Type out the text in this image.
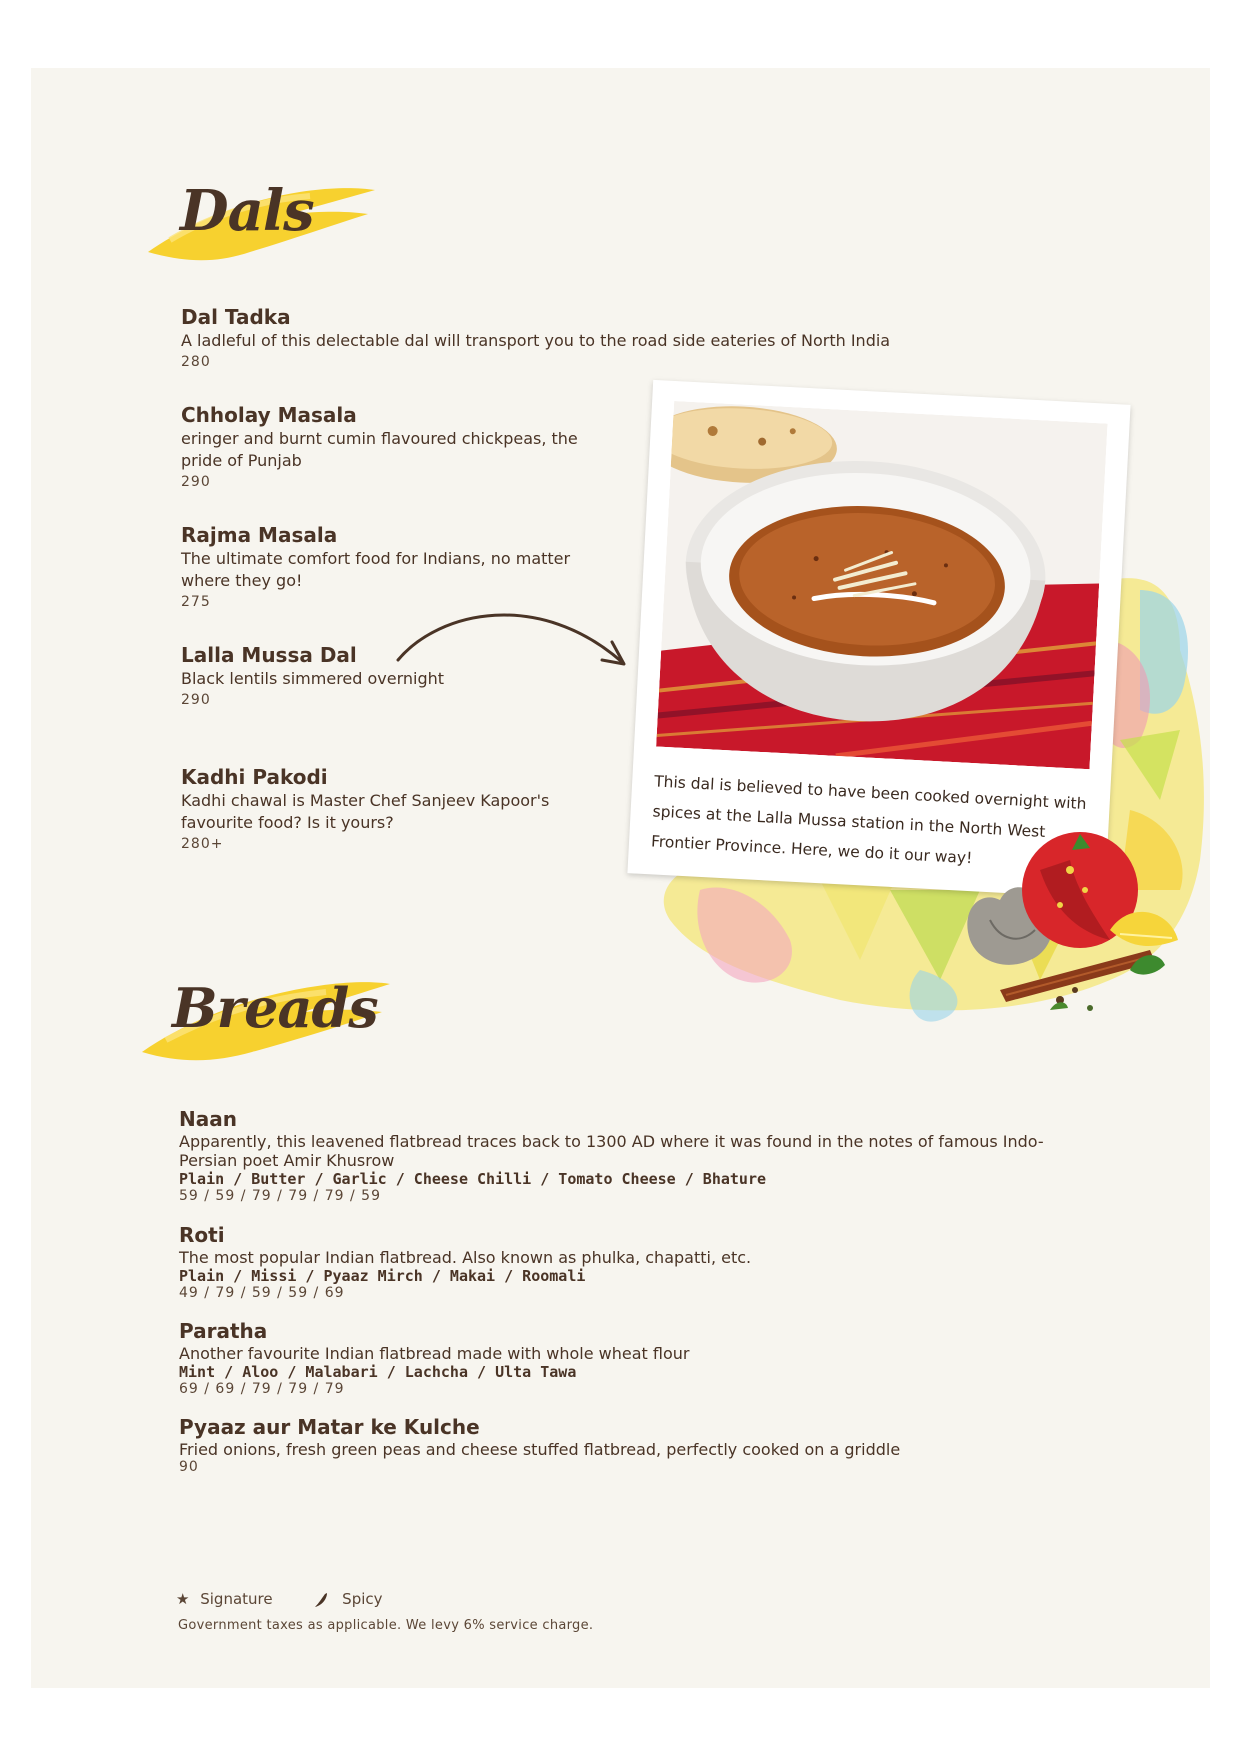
Dals
Dal Tadka
A ladleful of this delectable dal will transport you to the road side eateries of North India
280
Chholay Masala
eringer and burnt cumin flavoured chickpeas, the pride of Punjab
290
Rajma Masala
The ultimate comfort food for Indians, no matter where they go!
275
Lalla Mussa Dal
Black lentils simmered overnight
290
Kadhi Pakodi
Kadhi chawal is Master Chef Sanjeev Kapoor's favourite food? Is it yours?
280+
This dal is believed to have been cooked overnight with spices at the Lalla Mussa station in the North West Frontier Province. Here, we do it our way!
Breads
Naan
Apparently, this leavened flatbread traces back to 1300 AD where it was found in the notes of famous Indo-Persian poet Amir Khusrow
Plain / Butter / Garlic / Cheese Chilli / Tomato Cheese / Bhature
59 / 59 / 79 / 79 / 79 / 59
Roti
The most popular Indian flatbread. Also known as phulka, chapatti, etc.
Plain / Missi / Pyaaz Mirch / Makai / Roomali
49 / 79 / 59 / 59 / 69
Paratha
Another favourite Indian flatbread made with whole wheat flour
Mint / Aloo / Malabari / Lachcha / Ulta Tawa
69 / 69 / 79 / 79 / 79
Pyaaz aur Matar ke Kulche
Fried onions, fresh green peas and cheese stuffed flatbread, perfectly cooked on a griddle
90
★ Signature	Spicy
Government taxes as applicable. We levy 6% service charge.
